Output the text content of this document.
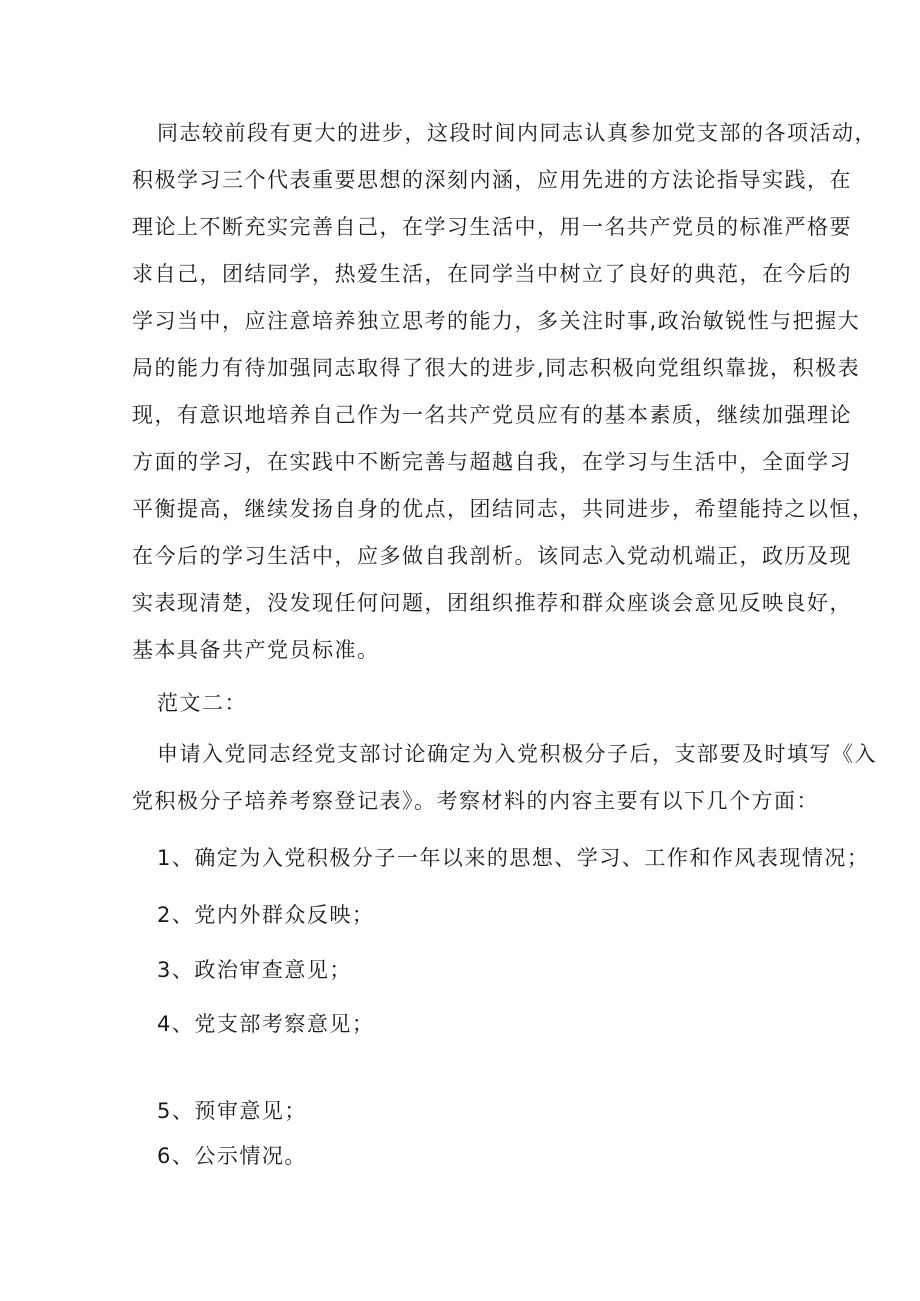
同志较前段有更大的进步，这段时间内同志认真参加党支部的各项活动，
积极学习三个代表重要思想的深刻内涵，应用先进的方法论指导实践，在
理论上不断充实完善自己，在学习生活中，用一名共产党员的标准严格要
求自己，团结同学，热爱生活，在同学当中树立了良好的典范，在今后的
学习当中，应注意培养独立思考的能力，多关注时事,政治敏锐性与把握大
局的能力有待加强同志取得了很大的进步,同志积极向党组织靠拢，积极表
现，有意识地培养自己作为一名共产党员应有的基本素质，继续加强理论
方面的学习，在实践中不断完善与超越自我，在学习与生活中，全面学习
平衡提高，继续发扬自身的优点，团结同志，共同进步，希望能持之以恒，
在今后的学习生活中，应多做自我剖析。该同志入党动机端正，政历及现
实表现清楚，没发现任何问题，团组织推荐和群众座谈会意见反映良好，
基本具备共产党员标准。
范文二：
申请入党同志经党支部讨论确定为入党积极分子后，支部要及时填写《入
党积极分子培养考察登记表》。考察材料的内容主要有以下几个方面：
1、确定为入党积极分子一年以来的思想、学习、工作和作风表现情况；
2、党内外群众反映；
3、政治审查意见；
4、党支部考察意见；
5、预审意见；
6、公示情况。
